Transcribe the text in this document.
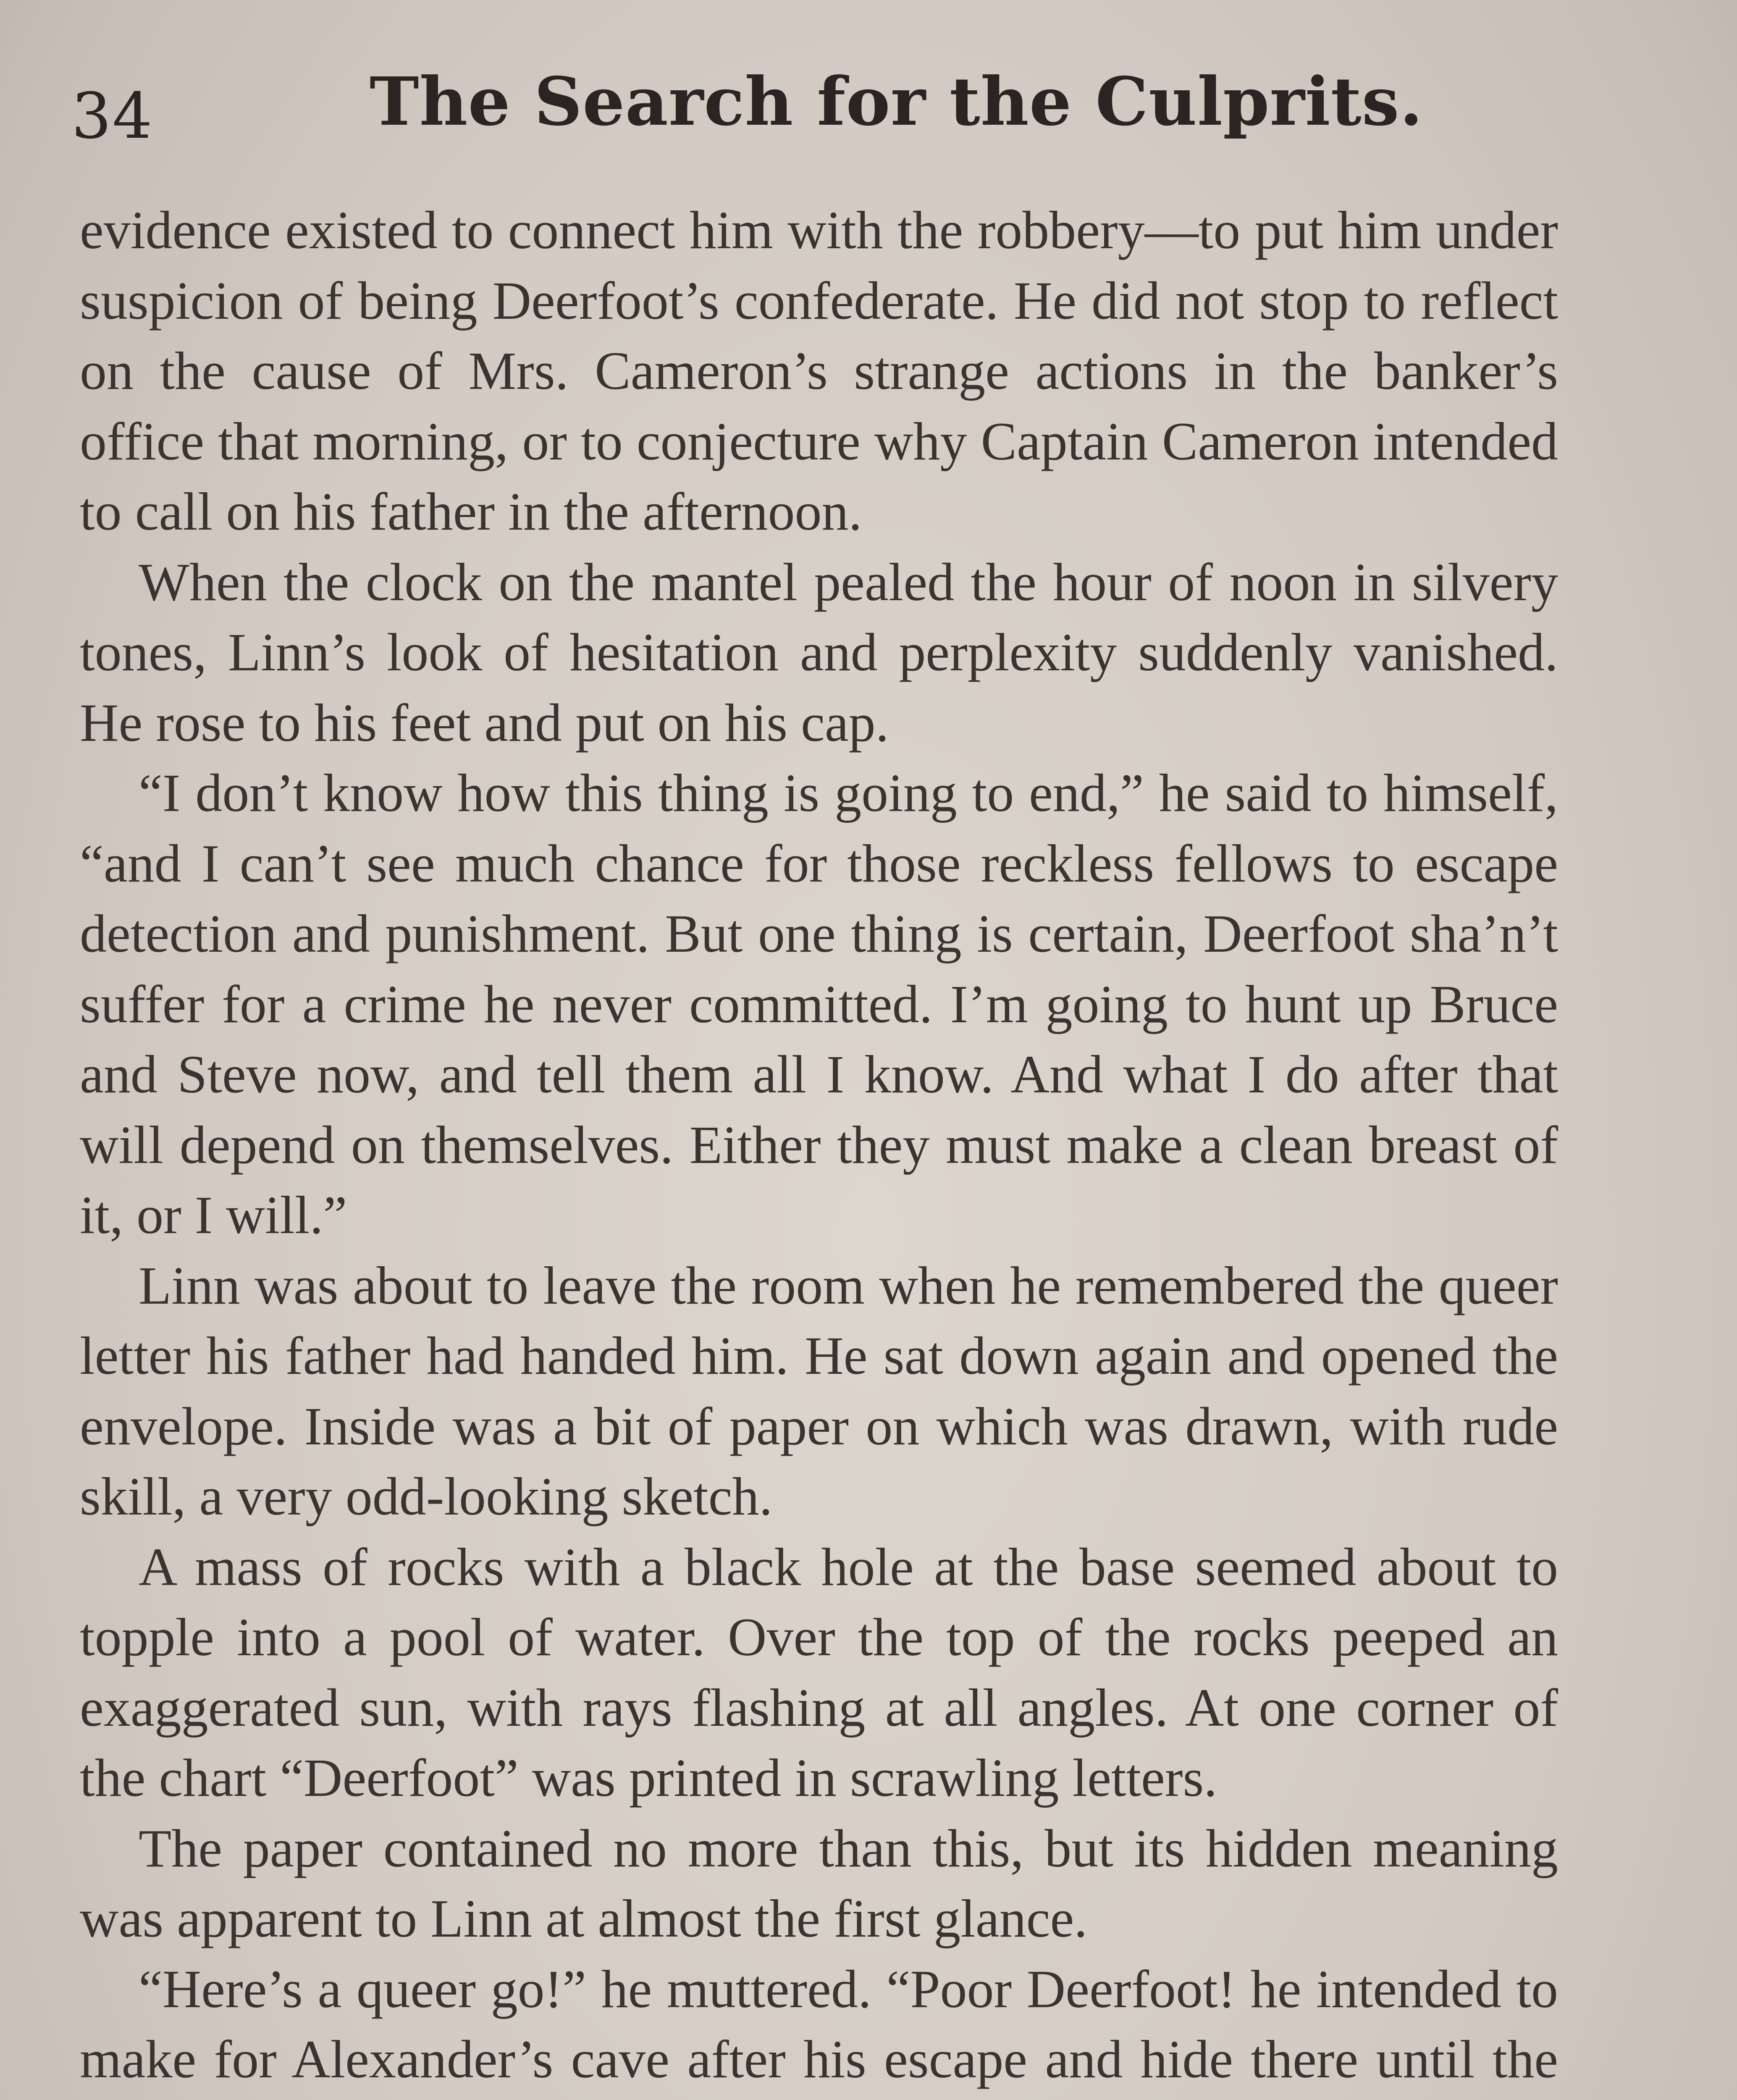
34	The Search for the Culprits.

evidence existed to connect him with the robbery—to put him under suspicion of being Deerfoot’s confederate. He did not stop to reflect on the cause of Mrs. Cameron’s strange actions in the banker’s office that morning, or to conjecture why Captain Cameron intended to call on his father in the afternoon.

When the clock on the mantel pealed the hour of noon in silvery tones, Linn’s look of hesitation and perplexity suddenly vanished. He rose to his feet and put on his cap.

“I don’t know how this thing is going to end,” he said to himself, “and I can’t see much chance for those reckless fellows to escape detection and punishment. But one thing is certain, Deerfoot sha’n’t suffer for a crime he never committed. I’m going to hunt up Bruce and Steve now, and tell them all I know. And what I do after that will depend on themselves. Either they must make a clean breast of it, or I will.”

Linn was about to leave the room when he remembered the queer letter his father had handed him. He sat down again and opened the envelope. Inside was a bit of paper on which was drawn, with rude skill, a very odd-looking sketch.

A mass of rocks with a black hole at the base seemed about to topple into a pool of water. Over the top of the rocks peeped an exaggerated sun, with rays flashing at all angles. At one corner of the chart “Deerfoot” was printed in scrawling letters.

The paper contained no more than this, but its hidden meaning was apparent to Linn at almost the first glance.

“Here’s a queer go!” he muttered. “Poor Deerfoot! he intended to make for Alexander’s cave after his escape and hide there until the
